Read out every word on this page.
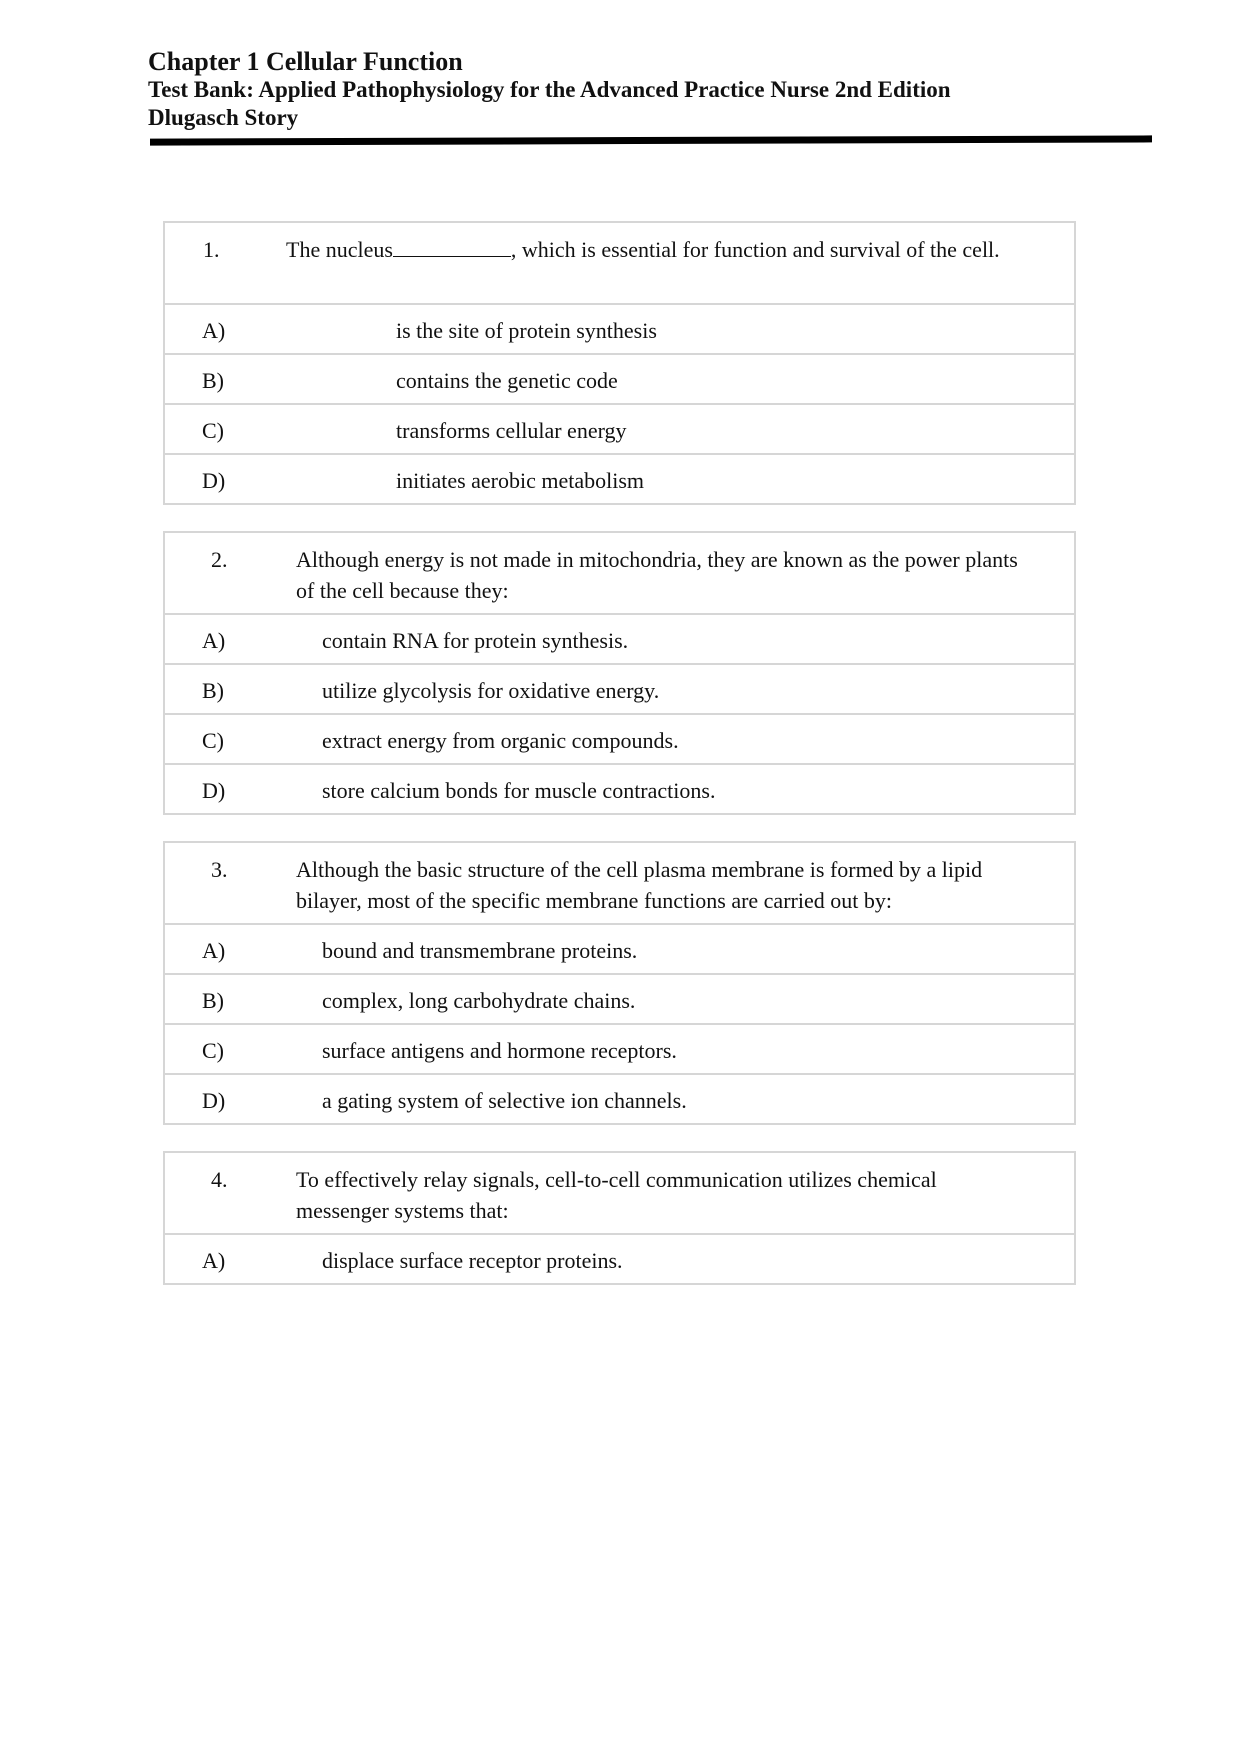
Chapter 1 Cellular Function
Test Bank: Applied Pathophysiology for the Advanced Practice Nurse 2nd Edition
Dlugasch Story
1.	The nucleus	, which is essential for function and survival of the cell.
A)	is the site of protein synthesis
B)	contains the genetic code
C)	transforms cellular energy
D)	initiates aerobic metabolism
2.	Although energy is not made in mitochondria, they are known as the power plants of the cell because they:
A)	contain RNA for protein synthesis.
B)	utilize glycolysis for oxidative energy.
C)	extract energy from organic compounds.
D)	store calcium bonds for muscle contractions.
3.	Although the basic structure of the cell plasma membrane is formed by a lipid bilayer, most of the specific membrane functions are carried out by:
A)	bound and transmembrane proteins.
B)	complex, long carbohydrate chains.
C)	surface antigens and hormone receptors.
D)	a gating system of selective ion channels.
4.	To effectively relay signals, cell-to-cell communication utilizes chemical messenger systems that:
A)	displace surface receptor proteins.
